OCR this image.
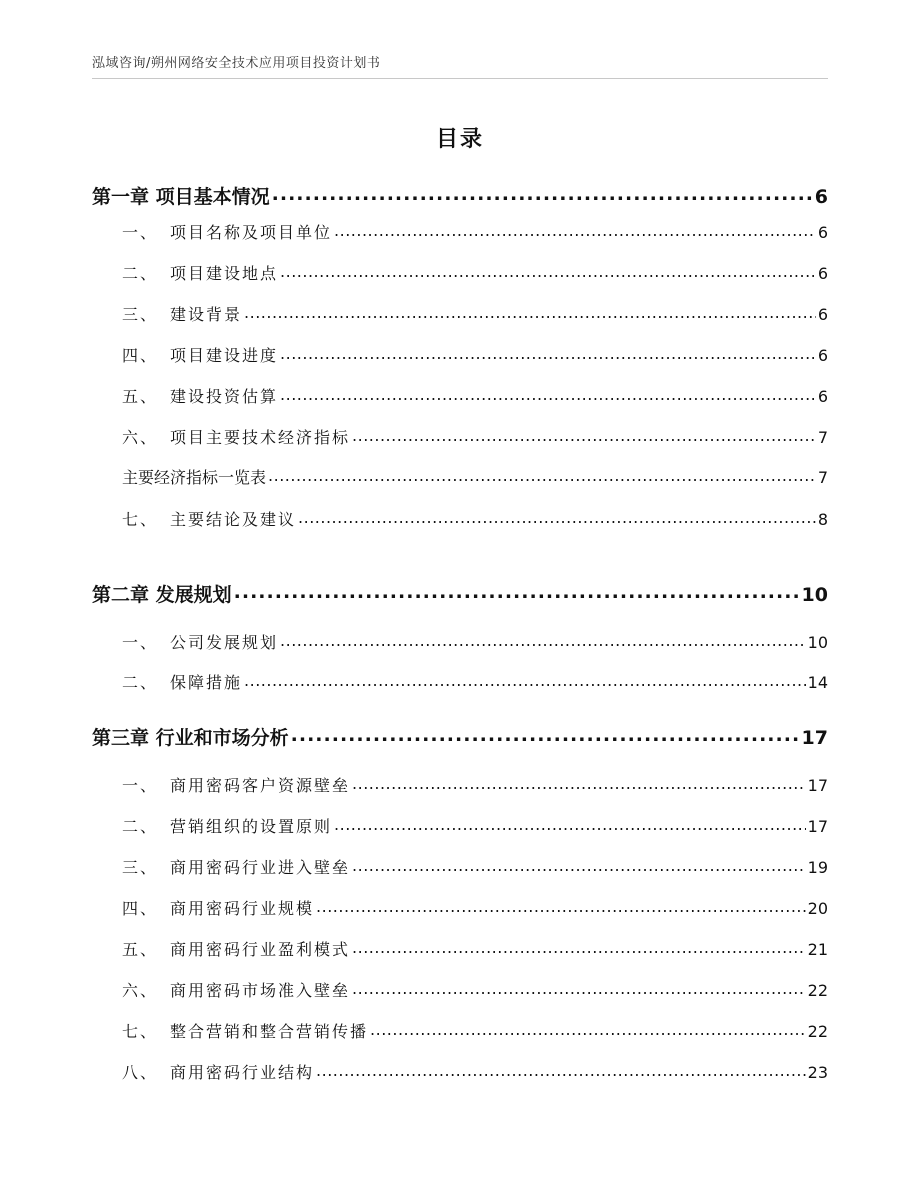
泓域咨询/朔州网络安全技术应用项目投资计划书
目录
第一章 项目基本情况 .....	6
一、 项目名称及项目单位 .....	6
二、 项目建设地点 .....	6
三、 建设背景 .....	6
四、 项目建设进度 .....	6
五、 建设投资估算 .....	6
六、 项目主要技术经济指标 .....	7
主要经济指标一览表 .....	7
七、 主要结论及建议 .....	8
第二章 发展规划 .....	10
一、 公司发展规划 .....	10
二、 保障措施 .....	14
第三章 行业和市场分析 .....	17
一、 商用密码客户资源壁垒 .....	17
二、 营销组织的设置原则 .....	17
三、 商用密码行业进入壁垒 .....	19
四、 商用密码行业规模 .....	20
五、 商用密码行业盈利模式 .....	21
六、 商用密码市场准入壁垒 .....	22
七、 整合营销和整合营销传播 .....	22
八、 商用密码行业结构 .....	23
